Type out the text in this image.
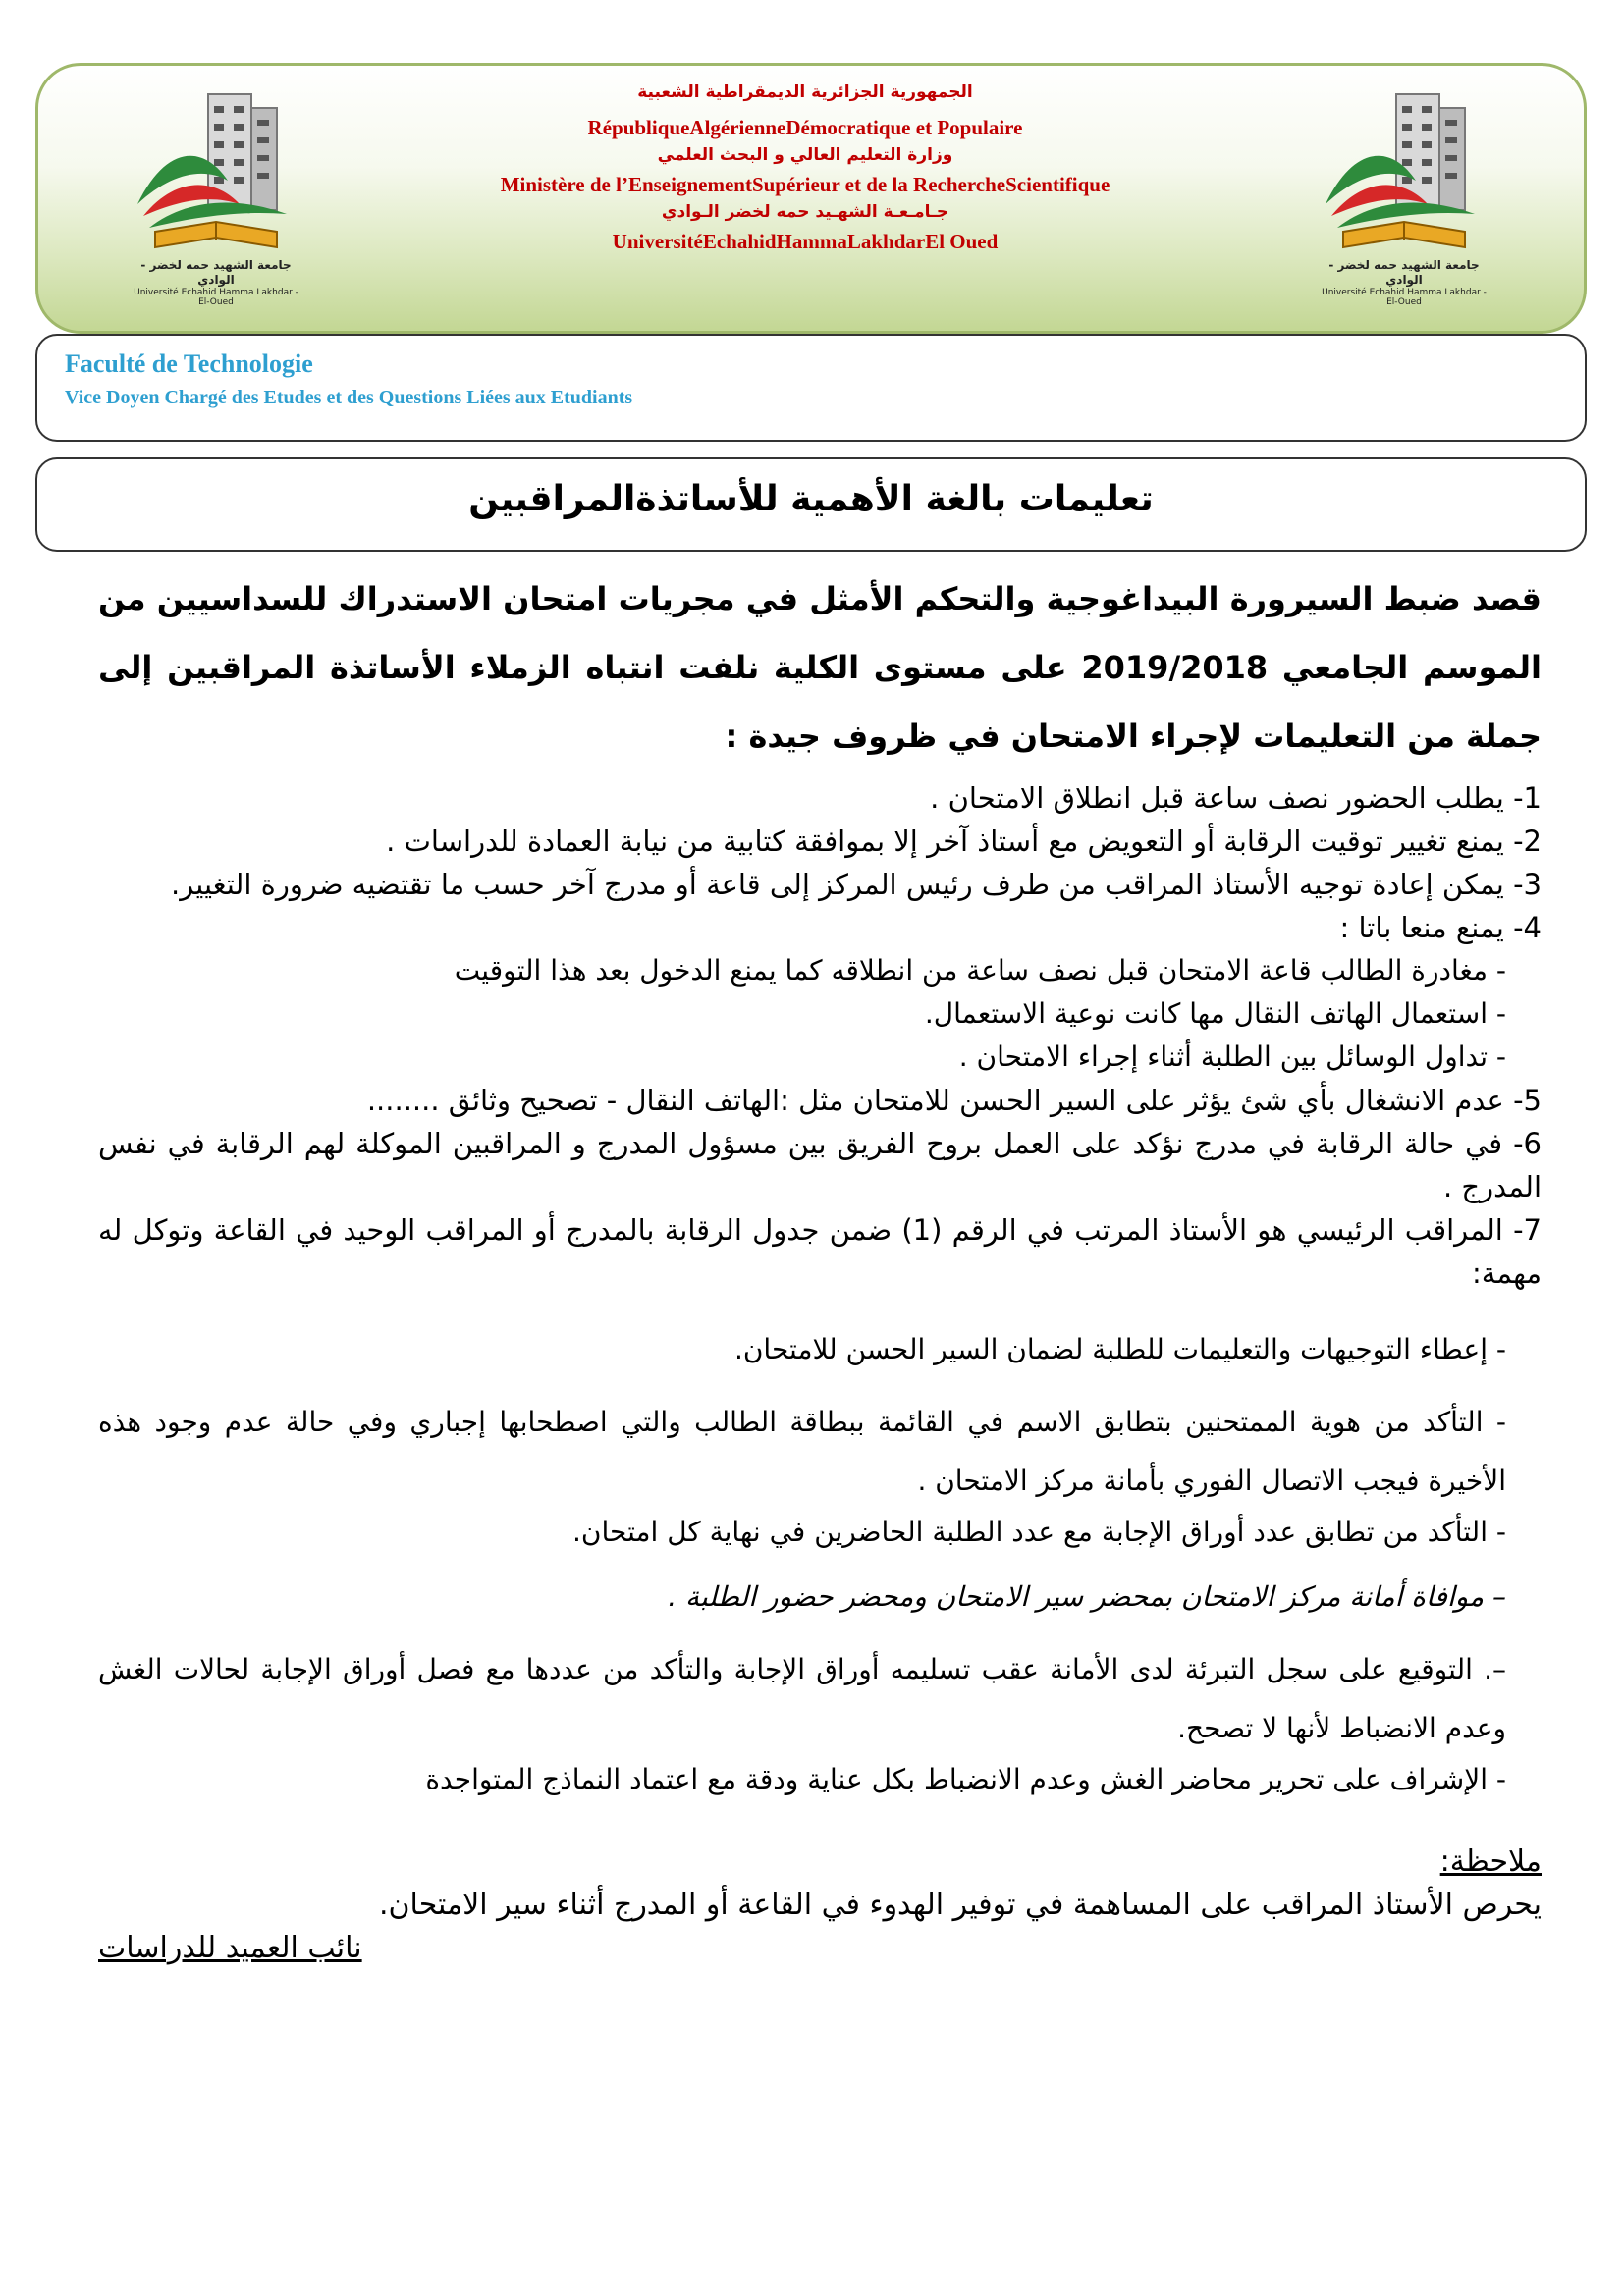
جامعة الشهيد حمه لخضر - الوادي
Université Echahid Hamma Lakhdar - El-Oued
جامعة الشهيد حمه لخضر - الوادي
Université Echahid Hamma Lakhdar - El-Oued
الجمهورية الجزائرية الديمقراطية الشعبية
RépubliqueAlgérienneDémocratique et Populaire
وزارة التعليم العالي و البحث العلمي
Ministère de l’EnseignementSupérieur et de la RechercheScientifique
جـامـعـة الشهـيد حمه لخضر الـوادي
UniversitéEchahidHammaLakhdarEl Oued
Faculté de Technologie
Vice Doyen Chargé des Etudes et des Questions Liées aux Etudiants
تعليمات بالغة الأهمية للأساتذةالمراقبين

قصد ضبط السيرورة البيداغوجية والتحكم الأمثل في مجريات امتحان الاستدراك للسداسيين من الموسم الجامعي 2019/2018 على مستوى الكلية نلفت انتباه الزملاء الأساتذة المراقبين إلى جملة من التعليمات لإجراء الامتحان في ظروف جيدة :

1- يطلب الحضور نصف ساعة قبل انطلاق الامتحان .

2- يمنع تغيير توقيت الرقابة أو التعويض مع أستاذ آخر إلا بموافقة كتابية من نيابة العمادة للدراسات .

3- يمكن إعادة توجيه الأستاذ المراقب من طرف رئيس المركز إلى قاعة أو مدرج آخر حسب ما تقتضيه ضرورة التغيير.

4- يمنع منعا باتا :

- مغادرة الطالب قاعة الامتحان قبل نصف ساعة من انطلاقه كما يمنع الدخول بعد هذا التوقيت

- استعمال الهاتف النقال مها كانت نوعية الاستعمال.

- تداول الوسائل بين الطلبة أثناء إجراء الامتحان .

5- عدم الانشغال بأي شئ يؤثر على السير الحسن للامتحان مثل :الهاتف النقال - تصحيح وثائق ........

6- في حالة الرقابة في مدرج نؤكد على العمل بروح الفريق بين مسؤول المدرج و المراقبين الموكلة لهم الرقابة في نفس المدرج .

7- المراقب الرئيسي هو الأستاذ المرتب في الرقم (1) ضمن جدول الرقابة بالمدرج أو المراقب الوحيد في القاعة وتوكل له مهمة:

- إعطاء التوجيهات والتعليمات للطلبة لضمان السير الحسن للامتحان.

- التأكد من هوية الممتحنين بتطابق الاسم في القائمة ببطاقة الطالب والتي اصطحابها إجباري وفي حالة عدم وجود هذه الأخيرة فيجب الاتصال الفوري بأمانة مركز الامتحان .

- التأكد من تطابق عدد أوراق الإجابة مع عدد الطلبة الحاضرين في نهاية كل امتحان.

– موافاة أمانة مركز الامتحان بمحضر سير الامتحان ومحضر حضور الطلبة .

–. التوقيع على سجل التبرئة لدى الأمانة عقب تسليمه أوراق الإجابة والتأكد من عددها مع فصل أوراق الإجابة لحالات الغش وعدم الانضباط لأنها لا تصحح.

- الإشراف على تحرير محاضر الغش وعدم الانضباط بكل عناية ودقة مع اعتماد النماذج المتواجدة

ملاحظة:

يحرص الأستاذ المراقب على المساهمة في توفير الهدوء في القاعة أو المدرج أثناء سير الامتحان.

نائب العميد للدراسات
